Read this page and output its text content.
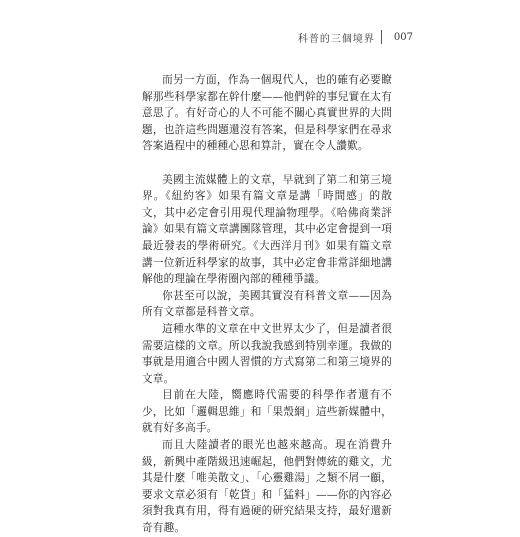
科普的三個境界 007

而另一方面，作為一個現代人，也的確有必要瞭解那些科學家都在幹什麼——他們幹的事兒實在太有意思了。有好奇心的人不可能不關心真實世界的大問題，也許這些問題還沒有答案，但是科學家們在尋求答案過程中的種種心思和算計，實在令人讚歎。

美國主流媒體上的文章，早就到了第二和第三境界。《紐約客》如果有篇文章是講「時間感」的散文，其中必定會引用現代理論物理學。《哈佛商業評論》如果有篇文章講團隊管理，其中必定會提到一項最近發表的學術研究。《大西洋月刊》如果有篇文章講一位新近科學家的故事，其中必定會非常詳細地講解他的理論在學術圈內部的種種爭議。

你甚至可以說，美國其實沒有科普文章——因為所有文章都是科普文章。

這種水準的文章在中文世界太少了，但是讀者很需要這樣的文章。所以我說我感到特別幸運。我做的事就是用適合中國人習慣的方式寫第二和第三境界的文章。

目前在大陸，嚮應時代需要的科學作者還有不少，比如「邏輯思維」和「果殼網」這些新媒體中，就有好多高手。

而且大陸讀者的眼光也越來越高。現在消費升級，新興中產階級迅速崛起，他們對傳統的雞文，尤其是什麼「唯美散文」、「心靈雞湯」之類不屑一顧，要求文章必須有「乾貨」和「猛料」——你的內容必須對我真有用，得有過硬的研究結果支持，最好還新奇有趣。
